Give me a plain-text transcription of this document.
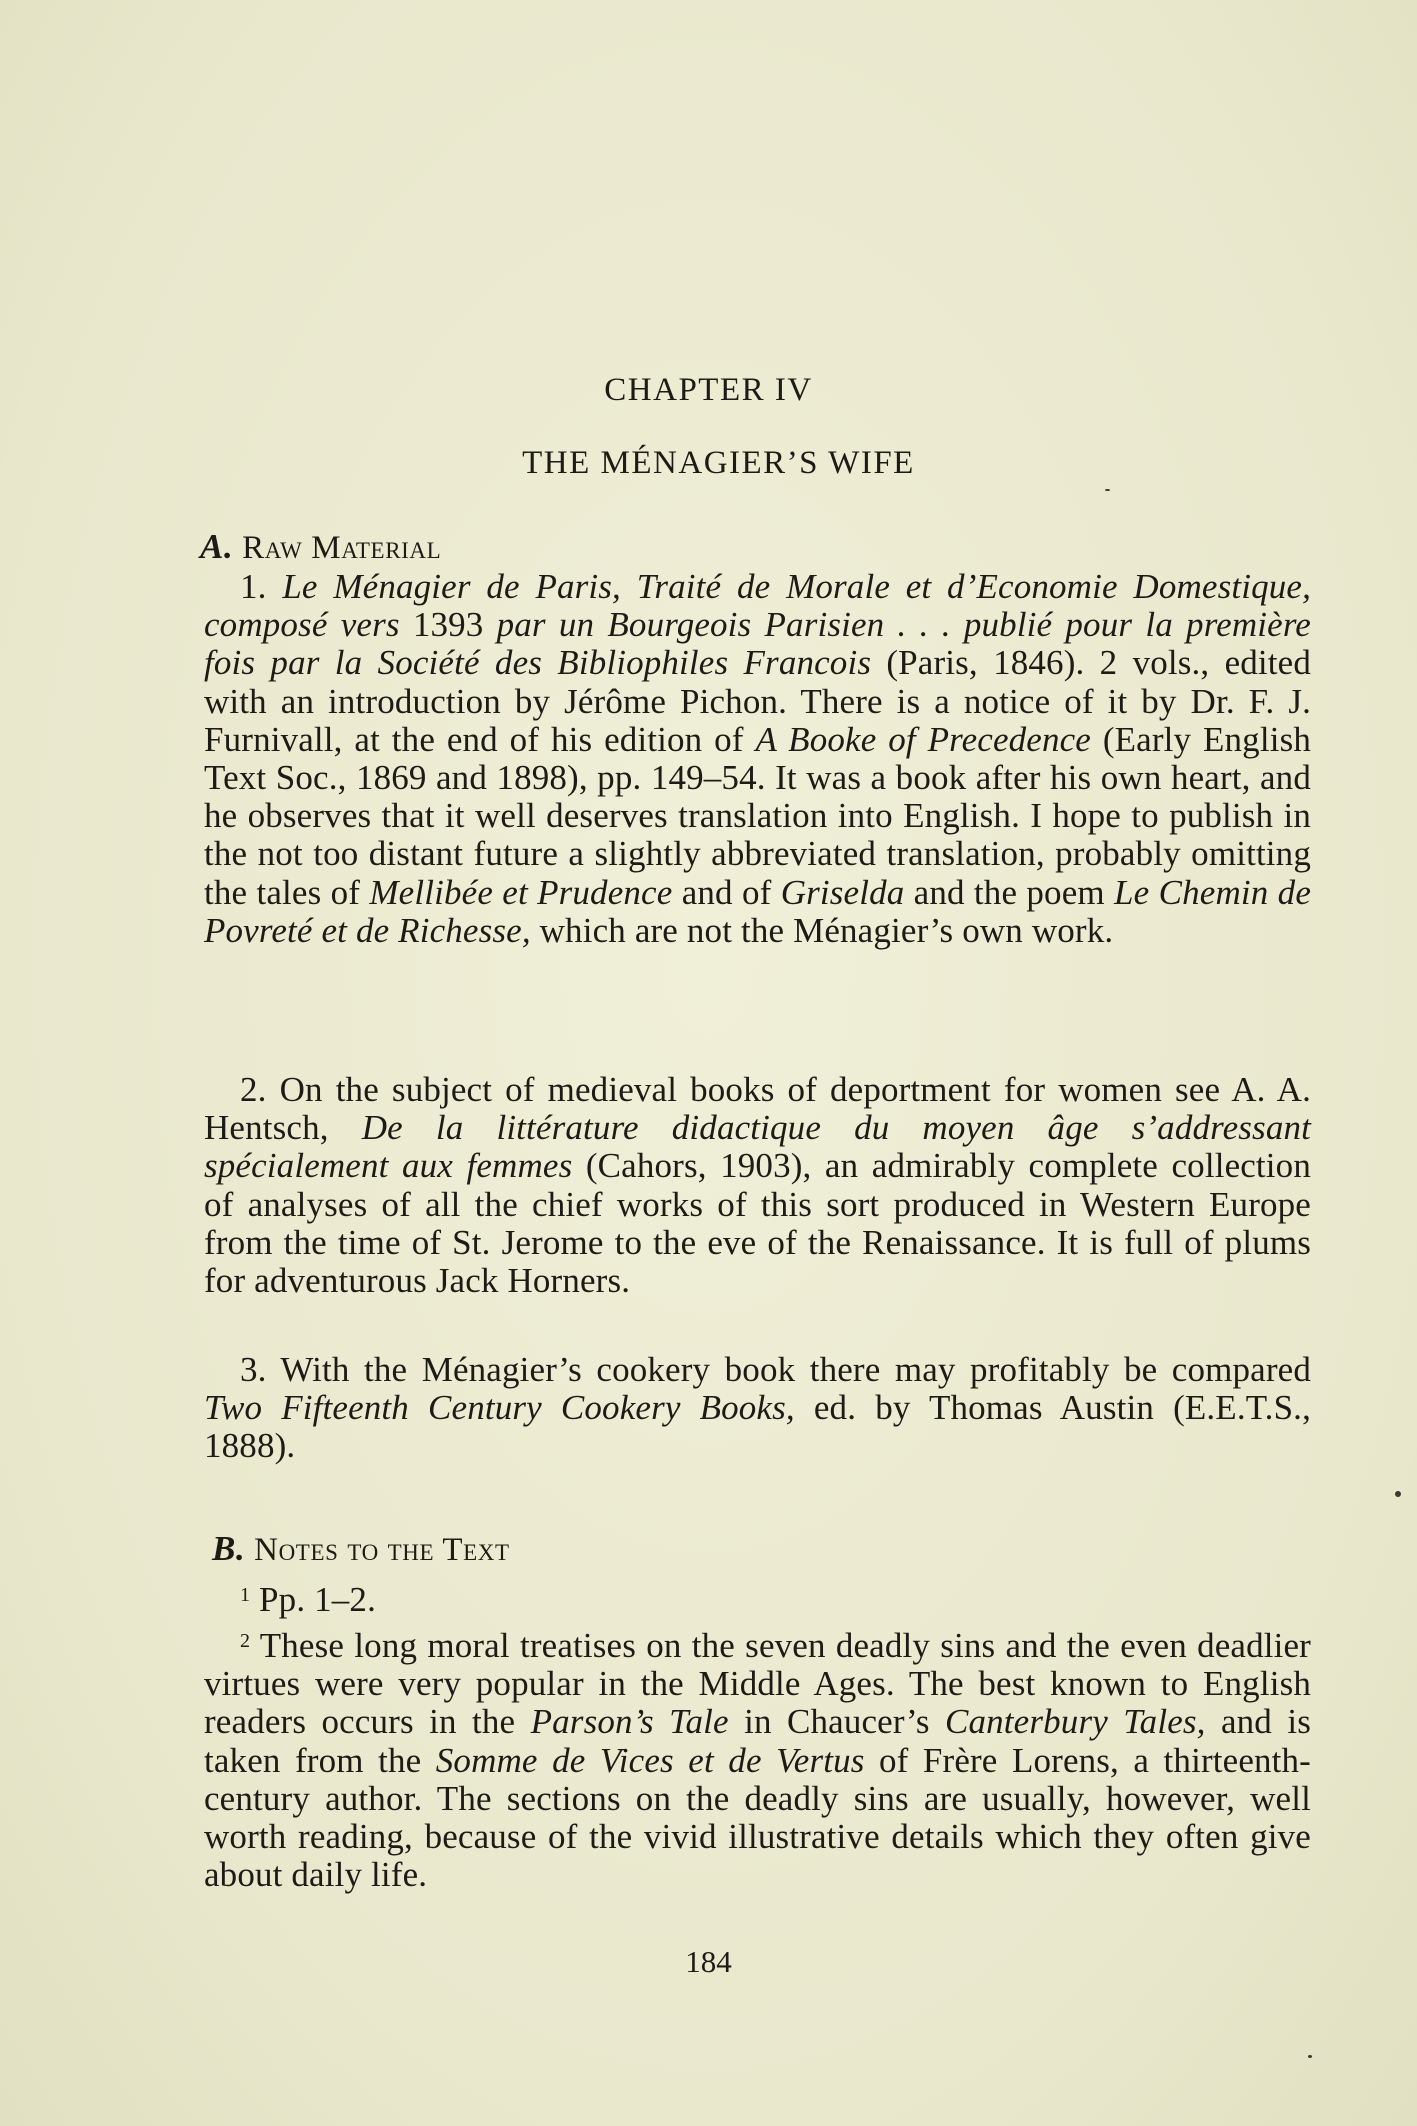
CHAPTER IV
THE MÉNAGIER’S WIFE
A. Raw Material

1. Le Ménagier de Paris, Traité de Morale et d’Economie Domestique, composé vers 1393 par un Bourgeois Parisien . . . publié pour la première fois par la Société des Bibliophiles Francois (Paris, 1846). 2 vols., edited with an introduction by Jérôme Pichon. There is a notice of it by Dr. F. J. Furnivall, at the end of his edition of A Booke of Precedence (Early English Text Soc., 1869 and 1898), pp. 149–54. It was a book after his own heart, and he observes that it well deserves translation into English. I hope to publish in the not too distant future a slightly abbreviated translation, probably omitting the tales of Mellibée et Prudence and of Griselda and the poem Le Chemin de Povreté et de Richesse, which are not the Ménagier’s own work.

2. On the subject of medieval books of deportment for women see A. A. Hentsch, De la littérature didactique du moyen âge s’addressant spécialement aux femmes (Cahors, 1903), an admirably complete collection of analyses of all the chief works of this sort produced in Western Europe from the time of St. Jerome to the eve of the Renaissance. It is full of plums for adventurous Jack Horners.

3. With the Ménagier’s cookery book there may profitably be compared Two Fifteenth Century Cookery Books, ed. by Thomas Austin (E.E.T.S., 1888).

$^1$ Pp. 1–2.

$^2$ These long moral treatises on the seven deadly sins and the even deadlier virtues were very popular in the Middle Ages. The best known to English readers occurs in the Parson’s Tale in Chaucer’s Canterbury Tales, and is taken from the Somme de Vices et de Vertus of Frère Lorens, a thirteenth-century author. The sections on the deadly sins are usually, however, well worth reading, because of the vivid illustrative details which they often give about daily life.

B. Notes to the Text
184
